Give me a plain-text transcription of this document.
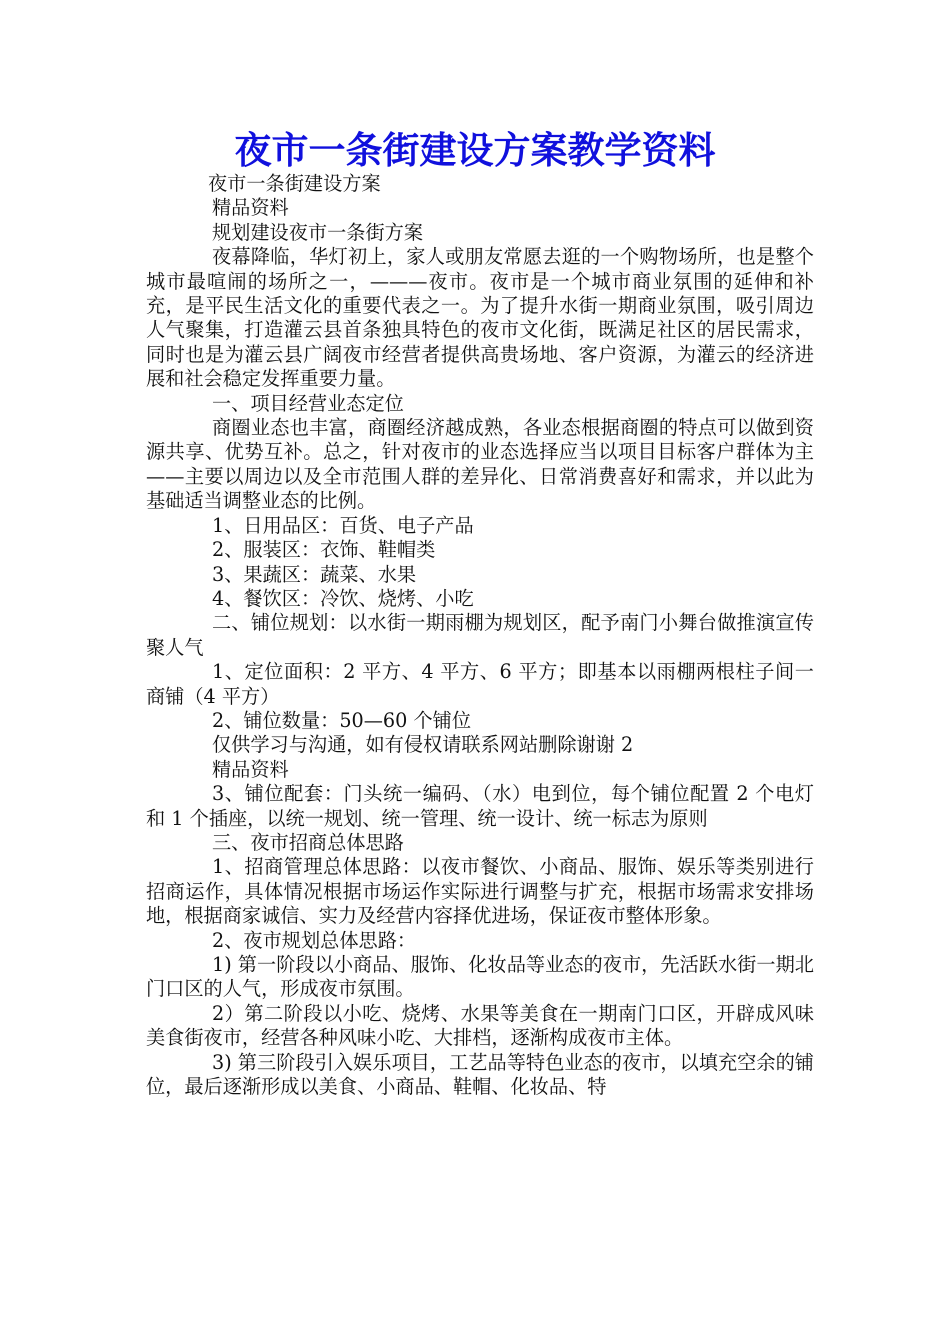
夜市一条街建设方案教学资料

夜市一条街建设方案

精品资料

规划建设夜市一条街方案

夜幕降临，华灯初上，家人或朋友常愿去逛的一个购物场所，也是整个城市最喧闹的场所之一，———夜市。夜市是一个城市商业氛围的延伸和补充，是平民生活文化的重要代表之一。为了提升水街一期商业氛围，吸引周边人气聚集，打造灌云县首条独具特色的夜市文化街，既满足社区的居民需求，同时也是为灌云县广阔夜市经营者提供高贵场地、客户资源，为灌云的经济进展和社会稳定发挥重要力量。

一、项目经营业态定位

商圈业态也丰富，商圈经济越成熟，各业态根据商圈的特点可以做到资源共享、优势互补。总之，针对夜市的业态选择应当以项目目标客户群体为主——主要以周边以及全市范围人群的差异化、日常消费喜好和需求，并以此为基础适当调整业态的比例。

1、日用品区：百货、电子产品

2、服装区：衣饰、鞋帽类

3、果蔬区：蔬菜、水果

4、餐饮区：冷饮、烧烤、小吃

二、铺位规划：以水街一期雨棚为规划区，配予南门小舞台做推演宣传聚人气

1、定位面积：2 平方、4 平方、6 平方；即基本以雨棚两根柱子间一商铺（4 平方）

2、铺位数量：50—60 个铺位

仅供学习与沟通，如有侵权请联系网站删除谢谢 2

精品资料

3、铺位配套：门头统一编码、（水）电到位，每个铺位配置 2 个电灯和 1 个插座，以统一规划、统一管理、统一设计、统一标志为原则

三、夜市招商总体思路

1、招商管理总体思路：以夜市餐饮、小商品、服饰、娱乐等类别进行招商运作，具体情况根据市场运作实际进行调整与扩充，根据市场需求安排场地，根据商家诚信、实力及经营内容择优进场，保证夜市整体形象。

2、夜市规划总体思路：

1) 第一阶段以小商品、服饰、化妆品等业态的夜市，先活跃水街一期北门口区的人气，形成夜市氛围。

2）第二阶段以小吃、烧烤、水果等美食在一期南门口区，开辟成风味美食街夜市，经营各种风味小吃、大排档，逐渐构成夜市主体。

3) 第三阶段引入娱乐项目，工艺品等特色业态的夜市，以填充空余的铺位，最后逐渐形成以美食、小商品、鞋帽、化妆品、特
